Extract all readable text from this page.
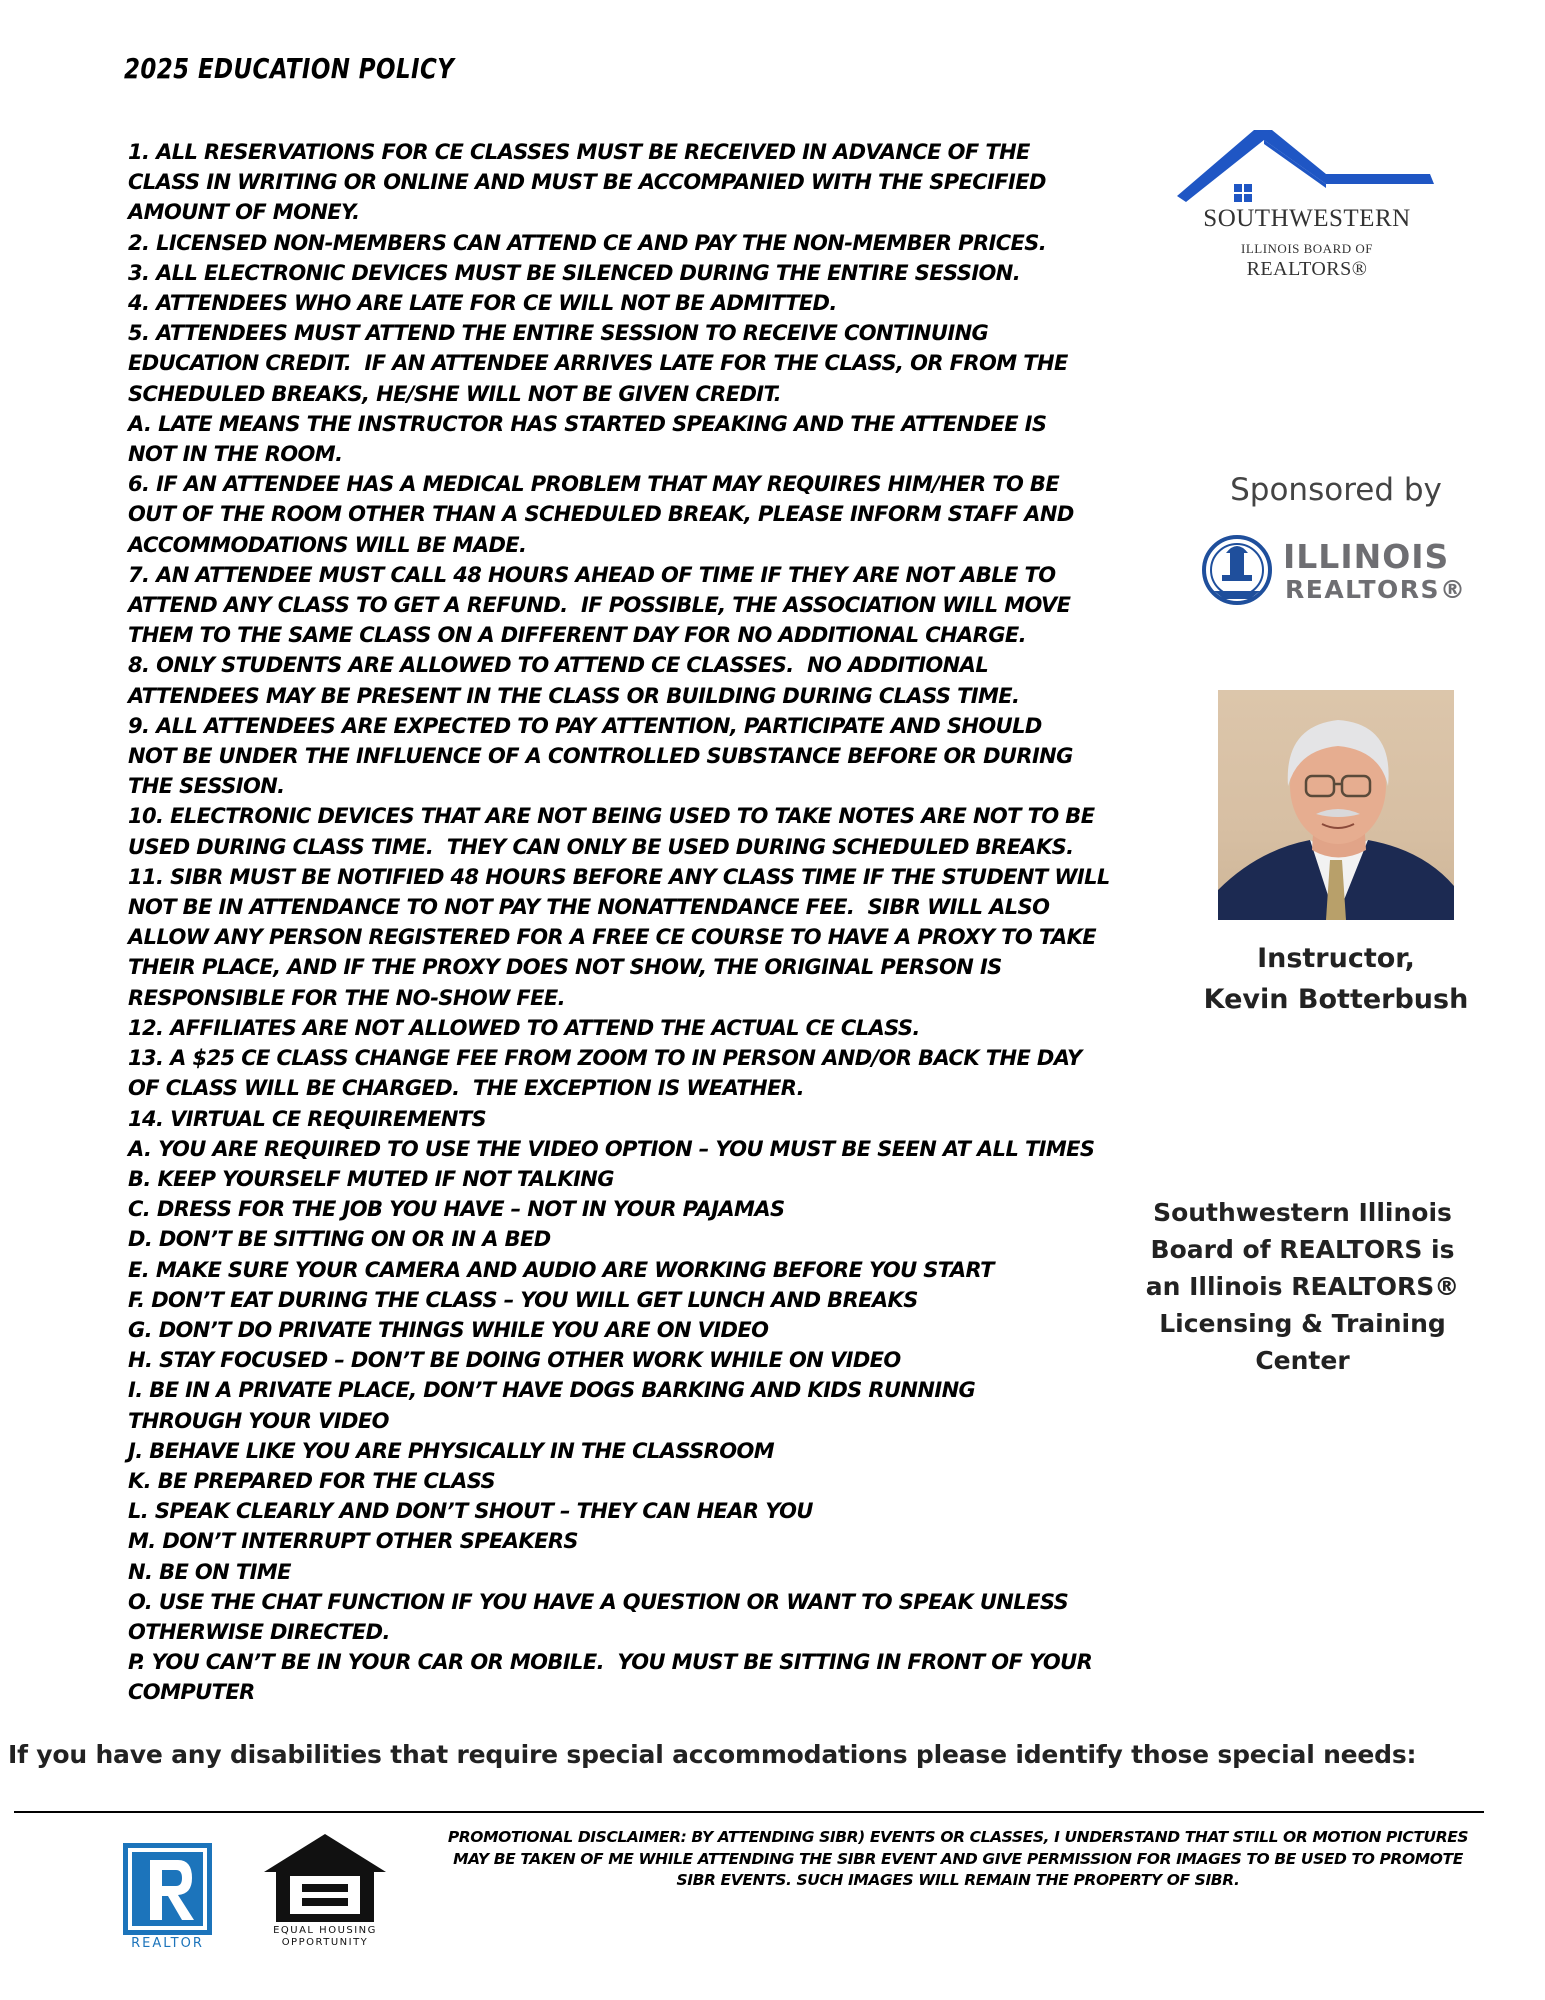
2025 EDUCATION POLICY
1. ALL RESERVATIONS FOR CE CLASSES MUST BE RECEIVED IN ADVANCE OF THE
CLASS IN WRITING OR ONLINE AND MUST BE ACCOMPANIED WITH THE SPECIFIED
AMOUNT OF MONEY.
2. LICENSED NON-MEMBERS CAN ATTEND CE AND PAY THE NON-MEMBER PRICES.
3. ALL ELECTRONIC DEVICES MUST BE SILENCED DURING THE ENTIRE SESSION.
4. ATTENDEES WHO ARE LATE FOR CE WILL NOT BE ADMITTED.
5. ATTENDEES MUST ATTEND THE ENTIRE SESSION TO RECEIVE CONTINUING
EDUCATION CREDIT.  IF AN ATTENDEE ARRIVES LATE FOR THE CLASS, OR FROM THE
SCHEDULED BREAKS, HE/SHE WILL NOT BE GIVEN CREDIT.
A. LATE MEANS THE INSTRUCTOR HAS STARTED SPEAKING AND THE ATTENDEE IS
NOT IN THE ROOM.
6. IF AN ATTENDEE HAS A MEDICAL PROBLEM THAT MAY REQUIRES HIM/HER TO BE
OUT OF THE ROOM OTHER THAN A SCHEDULED BREAK, PLEASE INFORM STAFF AND
ACCOMMODATIONS WILL BE MADE.
7. AN ATTENDEE MUST CALL 48 HOURS AHEAD OF TIME IF THEY ARE NOT ABLE TO
ATTEND ANY CLASS TO GET A REFUND.  IF POSSIBLE, THE ASSOCIATION WILL MOVE
THEM TO THE SAME CLASS ON A DIFFERENT DAY FOR NO ADDITIONAL CHARGE.
8. ONLY STUDENTS ARE ALLOWED TO ATTEND CE CLASSES.  NO ADDITIONAL
ATTENDEES MAY BE PRESENT IN THE CLASS OR BUILDING DURING CLASS TIME.
9. ALL ATTENDEES ARE EXPECTED TO PAY ATTENTION, PARTICIPATE AND SHOULD
NOT BE UNDER THE INFLUENCE OF A CONTROLLED SUBSTANCE BEFORE OR DURING
THE SESSION.
10. ELECTRONIC DEVICES THAT ARE NOT BEING USED TO TAKE NOTES ARE NOT TO BE
USED DURING CLASS TIME.  THEY CAN ONLY BE USED DURING SCHEDULED BREAKS.
11. SIBR MUST BE NOTIFIED 48 HOURS BEFORE ANY CLASS TIME IF THE STUDENT WILL
NOT BE IN ATTENDANCE TO NOT PAY THE NONATTENDANCE FEE.  SIBR WILL ALSO
ALLOW ANY PERSON REGISTERED FOR A FREE CE COURSE TO HAVE A PROXY TO TAKE
THEIR PLACE, AND IF THE PROXY DOES NOT SHOW, THE ORIGINAL PERSON IS
RESPONSIBLE FOR THE NO-SHOW FEE.
12. AFFILIATES ARE NOT ALLOWED TO ATTEND THE ACTUAL CE CLASS.
13. A $25 CE CLASS CHANGE FEE FROM ZOOM TO IN PERSON AND/OR BACK THE DAY
OF CLASS WILL BE CHARGED.  THE EXCEPTION IS WEATHER.
14. VIRTUAL CE REQUIREMENTS
A. YOU ARE REQUIRED TO USE THE VIDEO OPTION – YOU MUST BE SEEN AT ALL TIMES
B. KEEP YOURSELF MUTED IF NOT TALKING
C. DRESS FOR THE JOB YOU HAVE – NOT IN YOUR PAJAMAS
D. DON’T BE SITTING ON OR IN A BED
E. MAKE SURE YOUR CAMERA AND AUDIO ARE WORKING BEFORE YOU START
F. DON’T EAT DURING THE CLASS – YOU WILL GET LUNCH AND BREAKS
G. DON’T DO PRIVATE THINGS WHILE YOU ARE ON VIDEO
H. STAY FOCUSED – DON’T BE DOING OTHER WORK WHILE ON VIDEO
I. BE IN A PRIVATE PLACE, DON’T HAVE DOGS BARKING AND KIDS RUNNING
THROUGH YOUR VIDEO
J. BEHAVE LIKE YOU ARE PHYSICALLY IN THE CLASSROOM
K. BE PREPARED FOR THE CLASS
L. SPEAK CLEARLY AND DON’T SHOUT – THEY CAN HEAR YOU
M. DON’T INTERRUPT OTHER SPEAKERS
N. BE ON TIME
O. USE THE CHAT FUNCTION IF YOU HAVE A QUESTION OR WANT TO SPEAK UNLESS
OTHERWISE DIRECTED.
P. YOU CAN’T BE IN YOUR CAR OR MOBILE.  YOU MUST BE SITTING IN FRONT OF YOUR
COMPUTER
SOUTHWESTERN
ILLINOIS BOARD OF
REALTORS®
Sponsored by
ILLINOIS
REALTORS®
Instructor,
Kevin Botterbush
Southwestern Illinois
Board of REALTORS is
an Illinois REALTORS®
Licensing & Training
Center
If you have any disabilities that require special accommodations please identify those special needs:
REALTOR
EQUAL HOUSING
OPPORTUNITY
PROMOTIONAL DISCLAIMER: BY ATTENDING SIBR) EVENTS OR CLASSES, I UNDERSTAND THAT STILL OR MOTION PICTURES
MAY BE TAKEN OF ME WHILE ATTENDING THE SIBR EVENT AND GIVE PERMISSION FOR IMAGES TO BE USED TO PROMOTE
SIBR EVENTS. SUCH IMAGES WILL REMAIN THE PROPERTY OF SIBR.
